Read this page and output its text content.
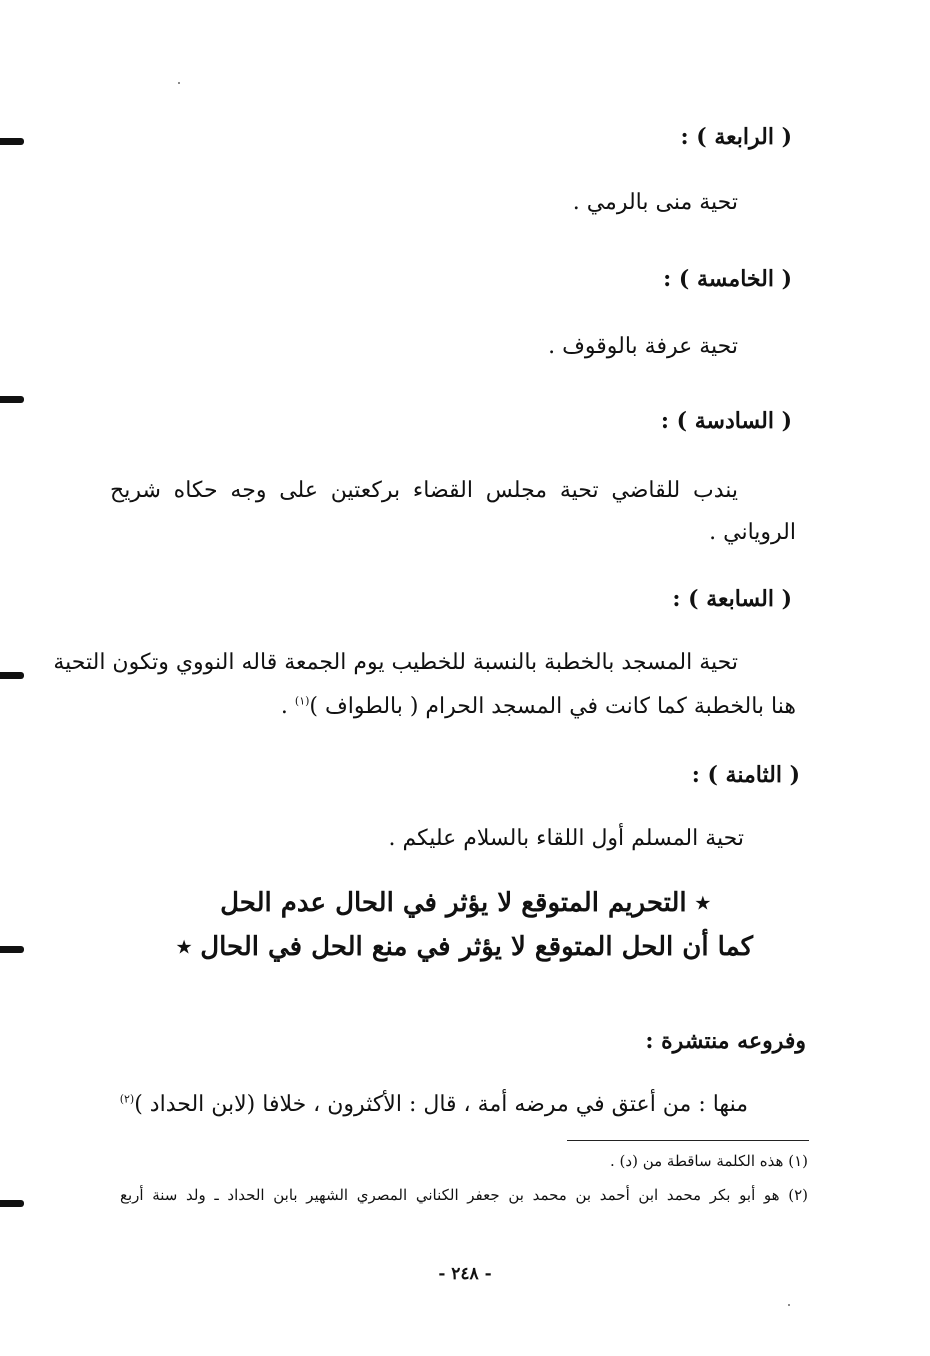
( الرابعة ) :
تحية منى بالرمي .
( الخامسة ) :
تحية عرفة بالوقوف .
( السادسة ) :
يندب للقاضي تحية مجلس القضاء بركعتين على وجه حكاه شريح
الروياني .
( السابعة ) :
تحية المسجد بالخطبة بالنسبة للخطيب يوم الجمعة قاله النووي وتكون التحية
هنا بالخطبة كما كانت في المسجد الحرام ( بالطواف )$^{(١)}$ .
( الثامنة ) :
تحية المسلم أول اللقاء بالسلام عليكم .
٭ التحريم المتوقع لا يؤثر في الحال عدم الحل
كما أن الحل المتوقع لا يؤثر في منع الحل في الحال ٭
وفروعه منتشرة :
منها : من أعتق في مرضه أمة ، قال : الأكثرون ، خلافا (لابن الحداد )$^{(٢)}$
(١) هذه الكلمة ساقطة من (د) .
(٢) هو أبو بكر محمد ابن أحمد بن محمد بن جعفر الكناني المصري الشهير بابن الحداد ـ ولد سنة أربع
- ٢٤٨ -
